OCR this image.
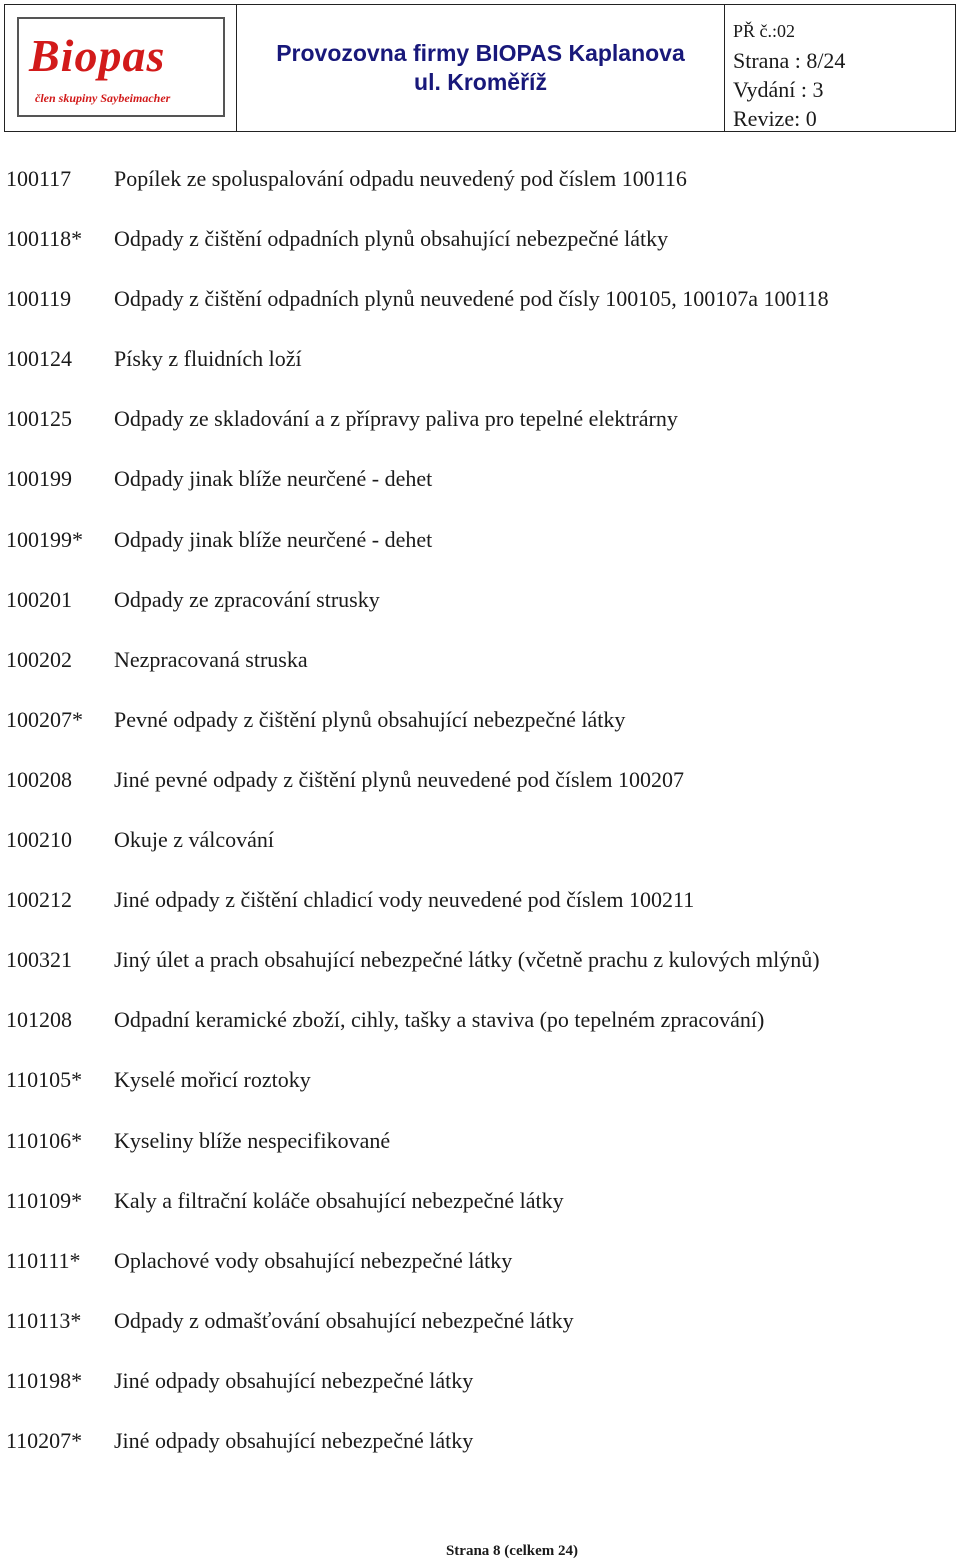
Biopas
člen skupiny Saybeimacher
Provozovna firmy BIOPAS Kaplanova
ul. Kroměříž
PŘ č.:02
Strana : 8/24
Vydání : 3
Revize: 0
100117	Popílek ze spoluspalování odpadu neuvedený pod číslem 100116
100118*	Odpady z čištění odpadních plynů obsahující nebezpečné látky
100119	Odpady z čištění odpadních plynů neuvedené pod čísly 100105, 100107a 100118
100124	Písky z fluidních loží
100125	Odpady ze skladování a z přípravy paliva pro tepelné elektrárny
100199	Odpady jinak blíže neurčené - dehet
100199*	Odpady jinak blíže neurčené - dehet
100201	Odpady ze zpracování strusky
100202	Nezpracovaná struska
100207*	Pevné odpady z čištění plynů obsahující nebezpečné látky
100208	Jiné pevné odpady z čištění plynů neuvedené pod číslem 100207
100210	Okuje z válcování
100212	Jiné odpady z čištění chladicí vody neuvedené pod číslem 100211
100321	Jiný úlet a prach obsahující nebezpečné látky (včetně prachu z kulových mlýnů)
101208	Odpadní keramické zboží, cihly, tašky a staviva (po tepelném zpracování)
110105*	Kyselé mořicí roztoky
110106*	Kyseliny blíže nespecifikované
110109*	Kaly a filtrační koláče obsahující nebezpečné látky
110111*	Oplachové vody obsahující nebezpečné látky
110113*	Odpady z odmašťování obsahující nebezpečné látky
110198*	Jiné odpady obsahující nebezpečné látky
110207*	Jiné odpady obsahující nebezpečné látky
Strana 8 (celkem 24)
